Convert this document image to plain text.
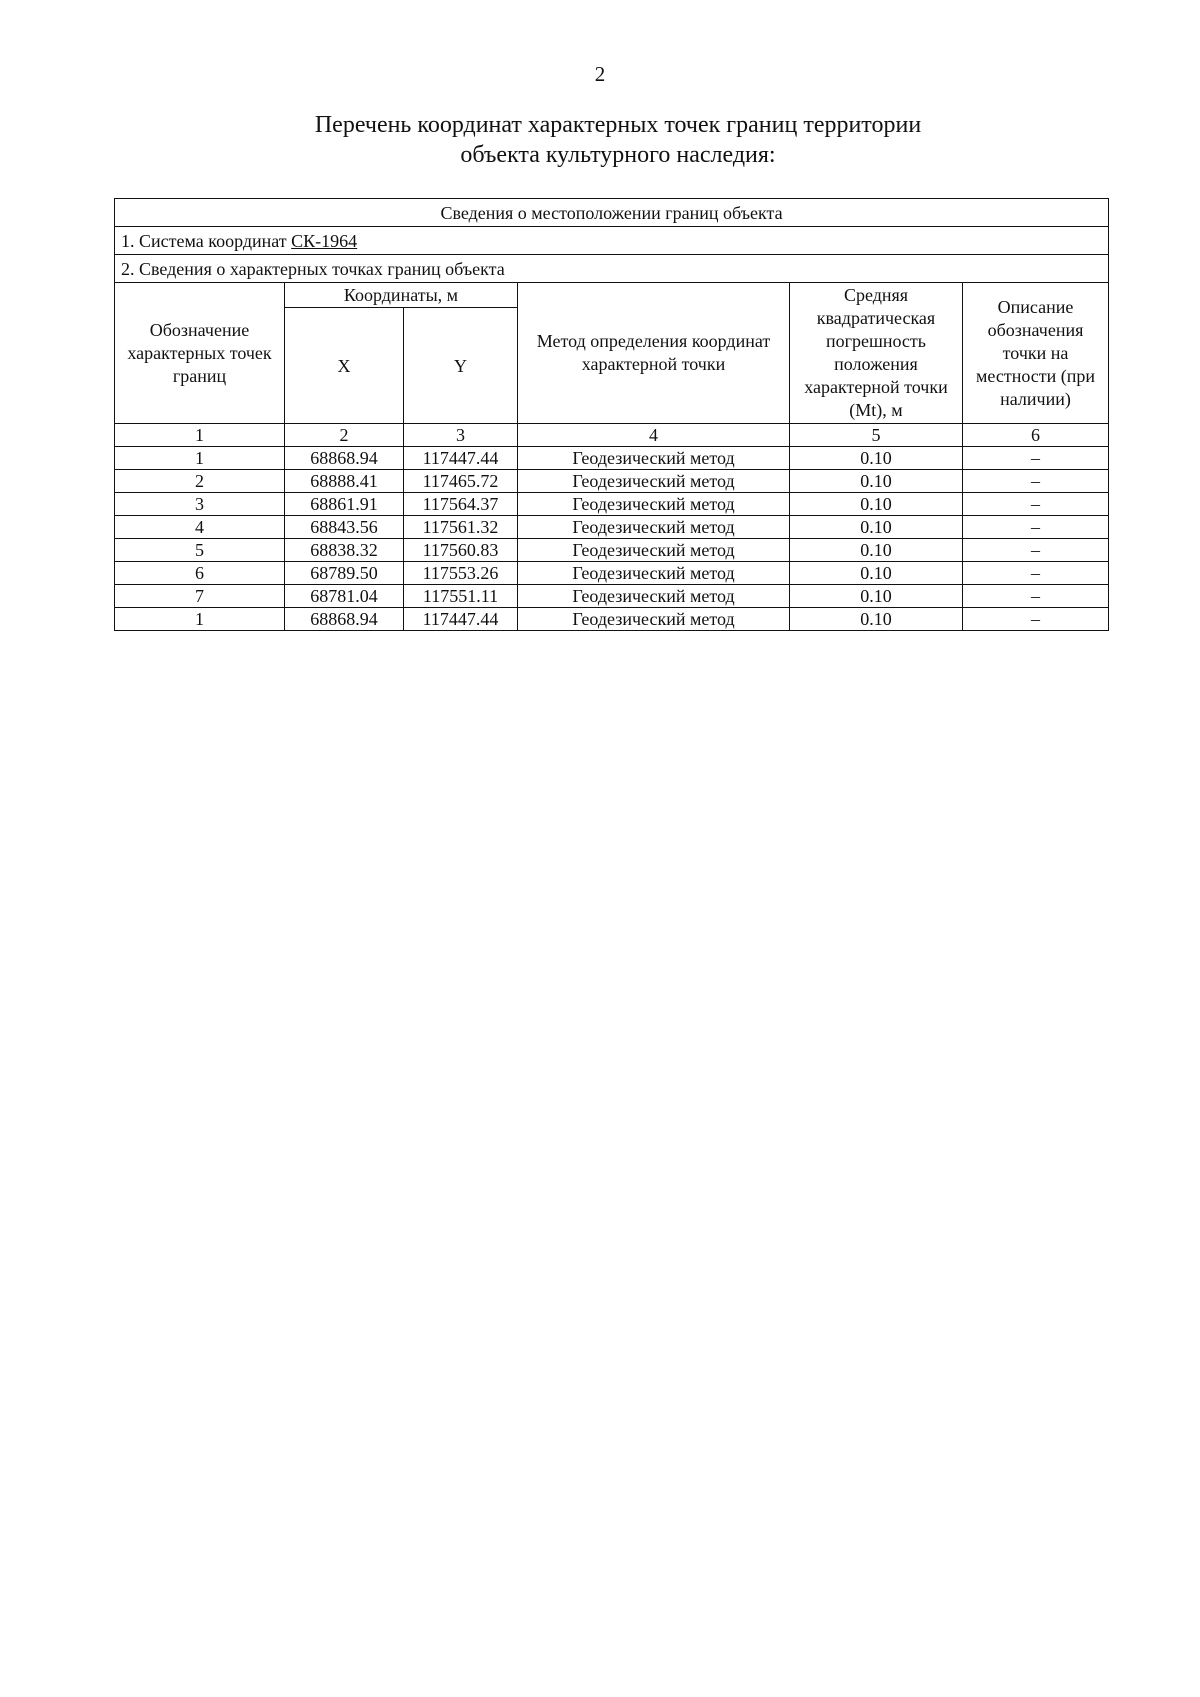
2
Перечень координат характерных точек границ территории
объекта культурного наследия:
Сведения о местоположении границ объекта					
1. Система координат СК-1964					
2. Сведения о характерных точках границ объекта					
Обозначение характерных точек границ	Координаты, м		Метод определения координат характерной точки	Средняя квадратическая погрешность положения характерной точки (Mt), м	Описание обозначения точки на местности (при наличии)
	X	Y			
1	2	3	4	5	6
1	68868.94	117447.44	Геодезический метод	0.10	–
2	68888.41	117465.72	Геодезический метод	0.10	–
3	68861.91	117564.37	Геодезический метод	0.10	–
4	68843.56	117561.32	Геодезический метод	0.10	–
5	68838.32	117560.83	Геодезический метод	0.10	–
6	68789.50	117553.26	Геодезический метод	0.10	–
7	68781.04	117551.11	Геодезический метод	0.10	–
1	68868.94	117447.44	Геодезический метод	0.10	–
